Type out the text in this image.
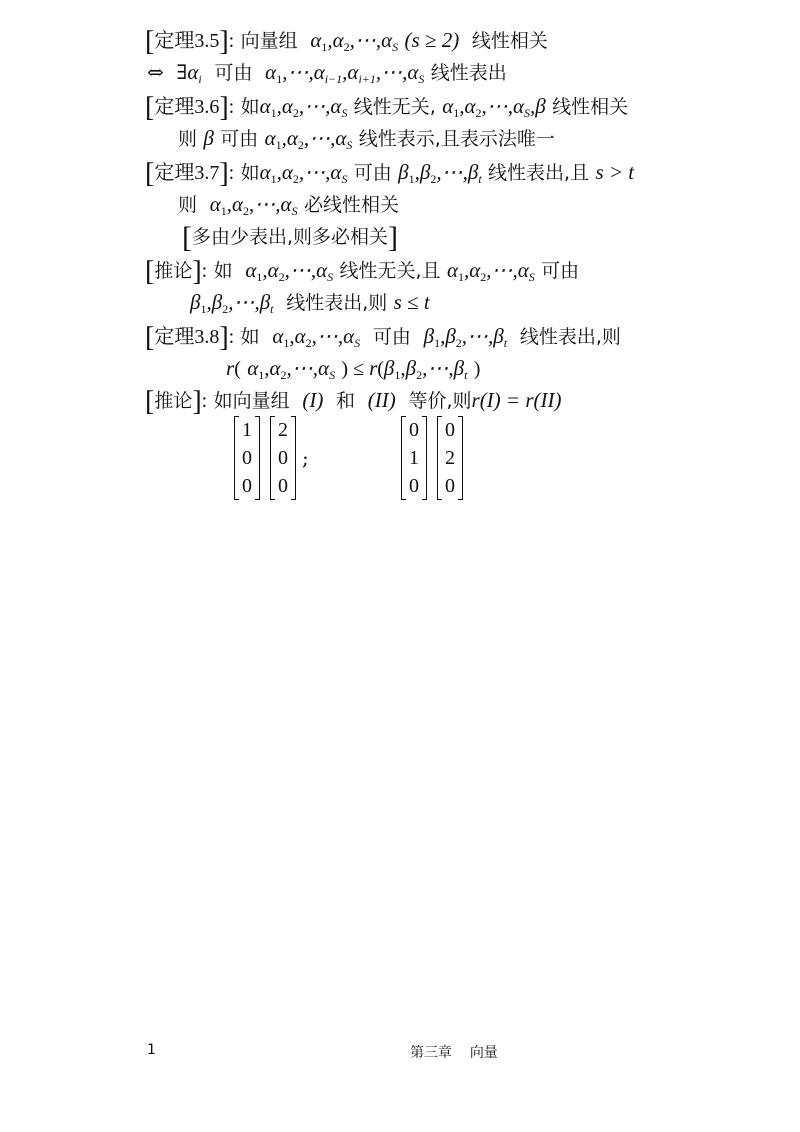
[定理3.5]: 向量组 $\alpha_1,\alpha_2,\cdots,\alpha_S$ (s ≥ 2) 线性相关
⇔ $\exists\alpha_i$ 可由 $\alpha_1,\cdots,\alpha_{i-1},\alpha_{i+1},\cdots,\alpha_S$ 线性表出
[定理3.6]: 如$\alpha_1,\alpha_2,\cdots,\alpha_S$ 线性无关, $\alpha_1,\alpha_2,\cdots,\alpha_S,\beta$ 线性相关
则 β 可由 $\alpha_1,\alpha_2,\cdots,\alpha_S$ 线性表示,且表示法唯一
[定理3.7]: 如$\alpha_1,\alpha_2,\cdots,\alpha_S$ 可由 $\beta_1,\beta_2,\cdots,\beta_t$ 线性表出,且 s > t
则 $\alpha_1,\alpha_2,\cdots,\alpha_S$ 必线性相关
[多由少表出,则多必相关]
[推论]: 如 $\alpha_1,\alpha_2,\cdots,\alpha_S$ 线性无关,且 $\alpha_1,\alpha_2,\cdots,\alpha_S$ 可由
$\beta_1,\beta_2,\cdots,\beta_t$ 线性表出,则 s ≤ t
[定理3.8]: 如 $\alpha_1,\alpha_2,\cdots,\alpha_S$ 可由 $\beta_1,\beta_2,\cdots,\beta_t$ 线性表出,则
r( $\alpha_1,\alpha_2,\cdots,\alpha_S$ ) ≤ $r(\beta_1,\beta_2,\cdots,\beta_t$ )
[推论]: 如向量组 (I) 和 (II) 等价,则r(I) = r(II)
1
0
0
2
0
0
;
0
1
0
0
2
0
1	第三章 向量
